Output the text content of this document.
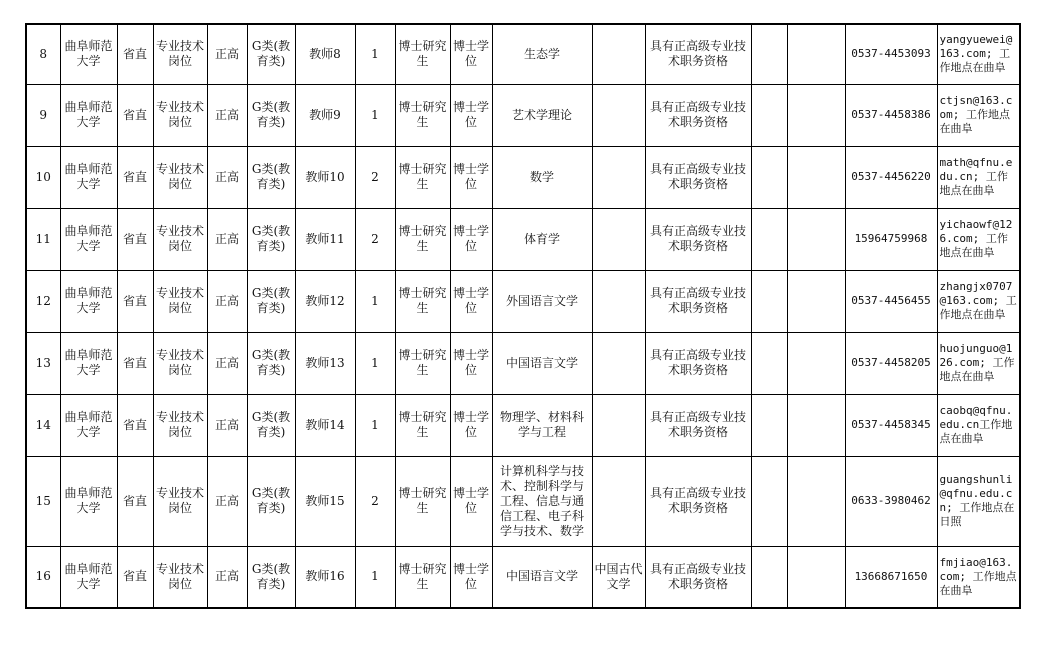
8	曲阜师范大学	省直	专业技术岗位	正高	G类(教育类)	教师8	1	博士研究生	博士学位	生态学		具有正高级专业技术职务资格			0537-4453093	yangyuewei@163.com; 工作地点在曲阜
9	曲阜师范大学	省直	专业技术岗位	正高	G类(教育类)	教师9	1	博士研究生	博士学位	艺术学理论		具有正高级专业技术职务资格			0537-4458386	ctjsn@163.com; 工作地点在曲阜
10	曲阜师范大学	省直	专业技术岗位	正高	G类(教育类)	教师10	2	博士研究生	博士学位	数学		具有正高级专业技术职务资格			0537-4456220	math@qfnu.edu.cn; 工作地点在曲阜
11	曲阜师范大学	省直	专业技术岗位	正高	G类(教育类)	教师11	2	博士研究生	博士学位	体育学		具有正高级专业技术职务资格			15964759968	yichaowf@126.com; 工作地点在曲阜
12	曲阜师范大学	省直	专业技术岗位	正高	G类(教育类)	教师12	1	博士研究生	博士学位	外国语言文学		具有正高级专业技术职务资格			0537-4456455	zhangjx0707@163.com; 工作地点在曲阜
13	曲阜师范大学	省直	专业技术岗位	正高	G类(教育类)	教师13	1	博士研究生	博士学位	中国语言文学		具有正高级专业技术职务资格			0537-4458205	huojunguo@126.com; 工作地点在曲阜
14	曲阜师范大学	省直	专业技术岗位	正高	G类(教育类)	教师14	1	博士研究生	博士学位	物理学、材料科学与工程		具有正高级专业技术职务资格			0537-4458345	caobq@qfnu.edu.cn工作地点在曲阜
15	曲阜师范大学	省直	专业技术岗位	正高	G类(教育类)	教师15	2	博士研究生	博士学位	计算机科学与技术、控制科学与工程、信息与通信工程、电子科学与技术、数学		具有正高级专业技术职务资格			0633-3980462	guangshunli@qfnu.edu.cn; 工作地点在日照
16	曲阜师范大学	省直	专业技术岗位	正高	G类(教育类)	教师16	1	博士研究生	博士学位	中国语言文学	中国古代文学	具有正高级专业技术职务资格			13668671650	fmjiao@163.com; 工作地点在曲阜
